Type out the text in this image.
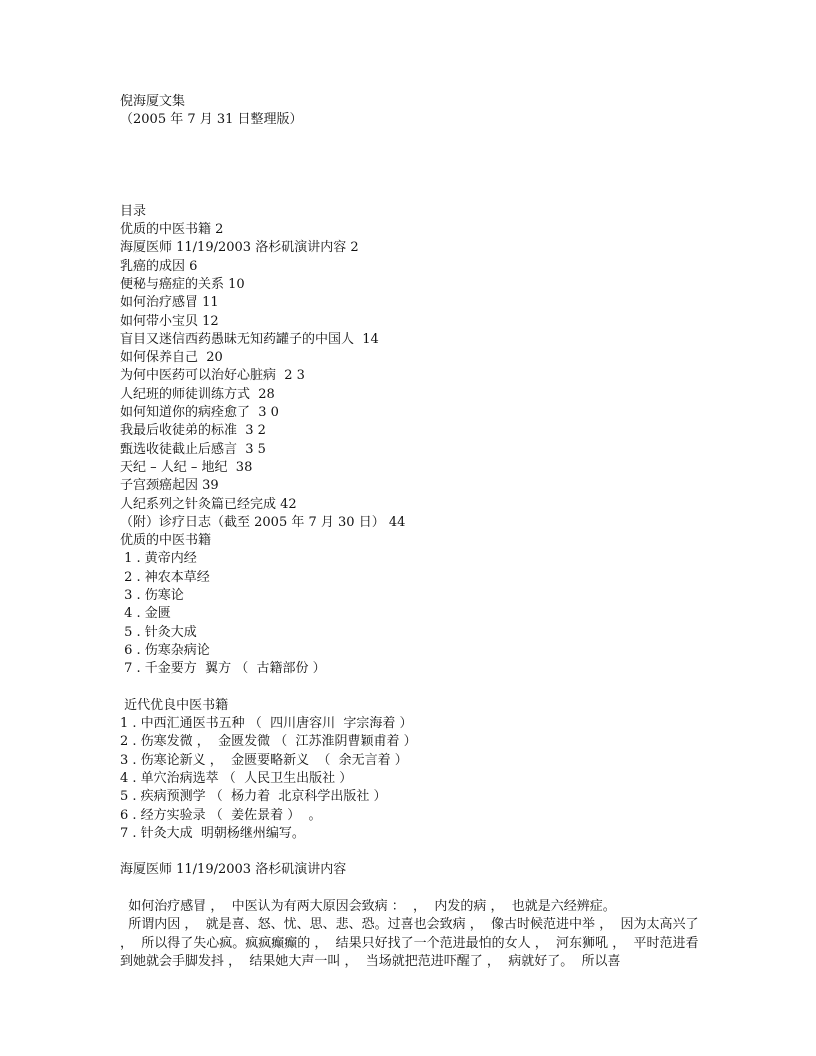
倪海厦文集
（2005 年 7 月 31 日整理版）
目录
优质的中医书籍 2
海厦医师 11/19/2003 洛杉矶演讲内容 2
乳癌的成因 6
便秘与癌症的关系 10
如何治疗感冒 11
如何带小宝贝 12
盲目又迷信西药愚昧无知药罐子的中国人  14
如何保养自己  20
为何中医药可以治好心脏病  2 3
人纪班的师徒训练方式  28
如何知道你的病痊愈了  3 0
我最后收徒弟的标准  3 2
甄选收徒截止后感言  3 5
天纪 – 人纪 – 地纪  38
子宫颈癌起因 39
人纪系列之针灸篇已经完成 42
（附）诊疗日志（截至 2005 年 7 月 30 日） 44
优质的中医书籍
1 . 黄帝内经
2 . 神农本草经
3 . 伤寒论
4 . 金匮
5 . 针灸大成
6 . 伤寒杂病论
7 . 千金要方  翼方 （  古籍部份 ）
近代优良中医书籍
1 . 中西汇通医书五种 （  四川唐容川  字宗海着 ）
2 . 伤寒发微 ，  金匮发微 （  江苏淮阴曹颖甫着 ）
3 . 伤寒论新义 ，  金匮要略新义  （  余无言着 ）
4 . 单穴治病选萃 （  人民卫生出版社 ）
5 . 疾病预测学 （  杨力着  北京科学出版社 ）
6 . 经方实验录 （  姜佐景着 ）  。
7 . 针灸大成  明朝杨继州编写。
海厦医师 11/19/2003 洛杉矶演讲内容

如何治疗感冒 ，  中医认为有两大原因会致病 ：  ，  内发的病 ，  也就是六经辨症。

所谓内因 ，  就是喜、怒、忧、思、悲、恐。过喜也会致病 ，  像古时候范进中举 ，  因为太高兴了 ，  所以得了失心疯。疯疯癫癫的 ，  结果只好找了一个范进最怕的女人 ，  河东狮吼 ，  平时范进看到她就会手脚发抖 ，  结果她大声一叫 ，  当场就把范进吓醒了 ，  病就好了。  所以喜
